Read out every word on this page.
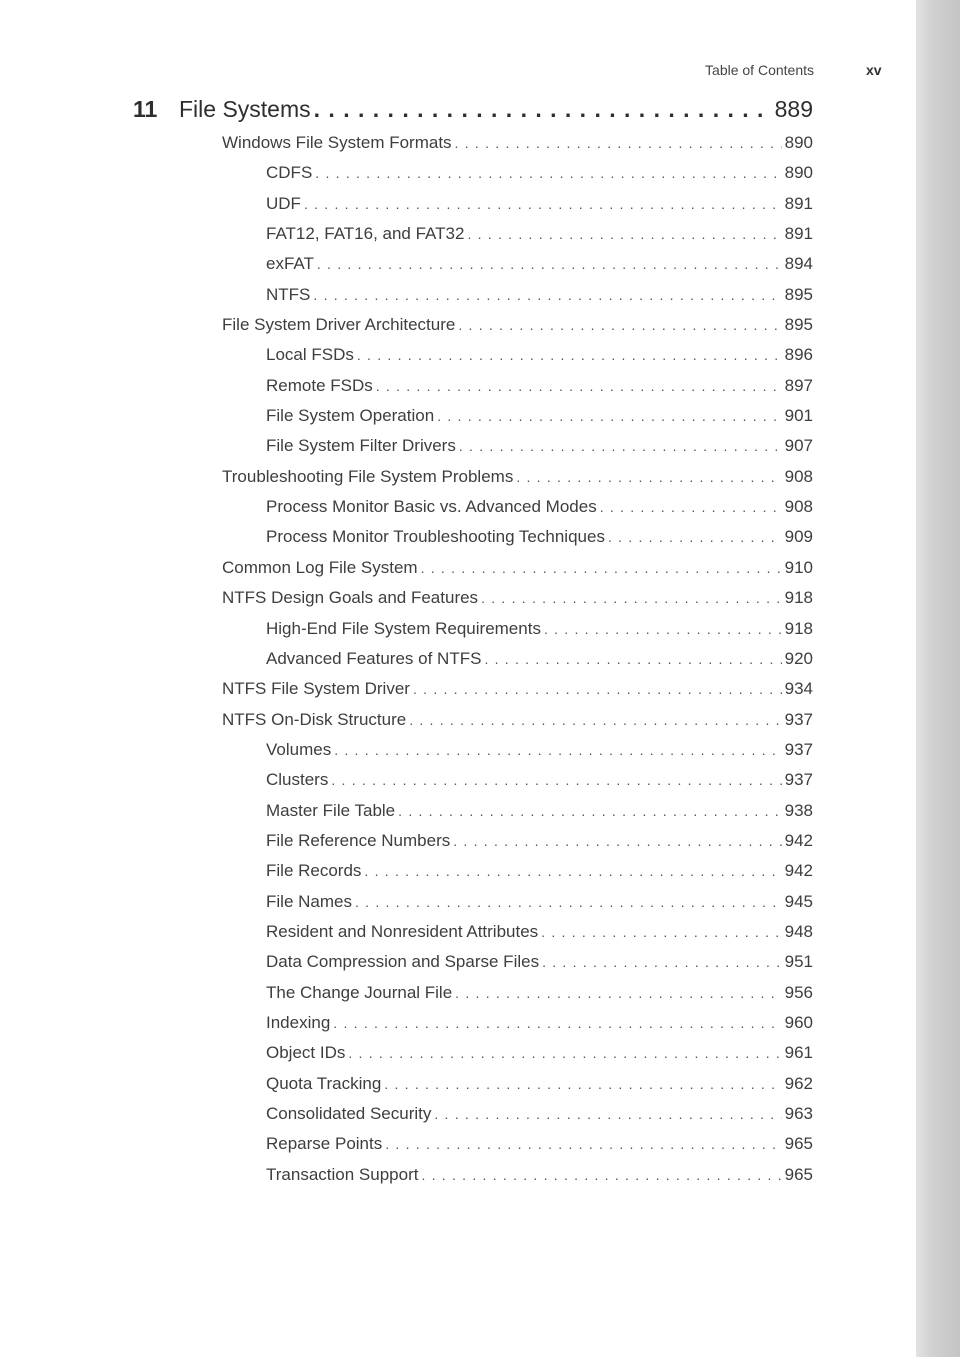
Table of Contents	xv
11 File Systems . . .	889
Windows File System Formats . . .	890
CDFS . . .	890
UDF . . .	891
FAT12, FAT16, and FAT32 . . .	891
exFAT . . .	894
NTFS . . .	895
File System Driver Architecture . . .	895
Local FSDs . . .	896
Remote FSDs . . .	897
File System Operation . . .	901
File System Filter Drivers . . .	907
Troubleshooting File System Problems . . .	908
Process Monitor Basic vs. Advanced Modes . . .	908
Process Monitor Troubleshooting Techniques . . .	909
Common Log File System . . .	910
NTFS Design Goals and Features . . .	918
High-End File System Requirements . . .	918
Advanced Features of NTFS . . .	920
NTFS File System Driver . . .	934
NTFS On-Disk Structure . . .	937
Volumes . . .	937
Clusters . . .	937
Master File Table . . .	938
File Reference Numbers . . .	942
File Records . . .	942
File Names . . .	945
Resident and Nonresident Attributes . . .	948
Data Compression and Sparse Files . . .	951
The Change Journal File . . .	956
Indexing . . .	960
Object IDs . . .	961
Quota Tracking . . .	962
Consolidated Security . . .	963
Reparse Points . . .	965
Transaction Support . . .	965
